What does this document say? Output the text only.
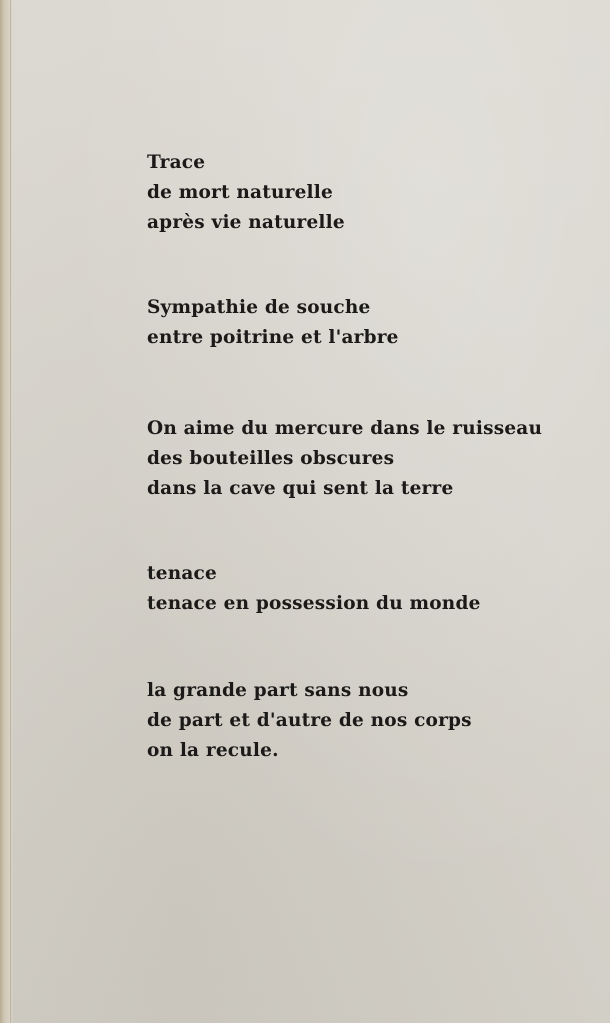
Trace
de mort naturelle
après vie naturelle
Sympathie de souche
entre poitrine et l'arbre
On aime du mercure dans le ruisseau
des bouteilles obscures
dans la cave qui sent la terre
tenace
tenace en possession du monde
la grande part sans nous
de part et d'autre de nos corps
on la recule.
